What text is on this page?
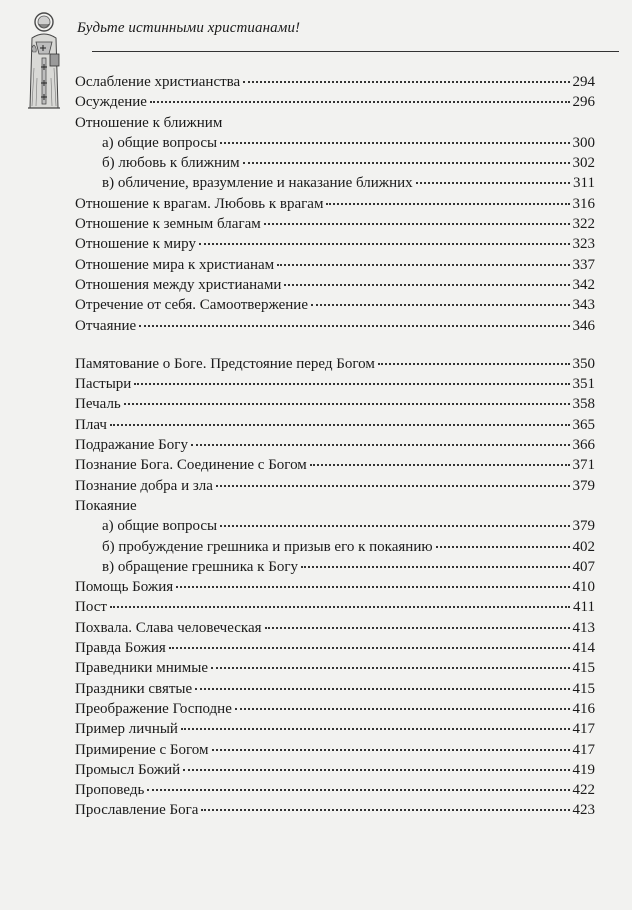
Будьте истинными христианами!
Ослабление христианства	294
Осуждение	296
Отношение к ближним
а) общие вопросы	300
б) любовь к ближним	302
в) обличение, вразумление и наказание ближних	311
Отношение к врагам. Любовь к врагам	316
Отношение к земным благам	322
Отношение к миру	323
Отношение мира к христианам	337
Отношения между христианами	342
Отречение от себя. Самоотвержение	343
Отчаяние	346
Памятование о Боге. Предстояние перед Богом	350
Пастыри	351
Печаль	358
Плач	365
Подражание Богу	366
Познание Бога. Соединение с Богом	371
Познание добра и зла	379
Покаяние
а) общие вопросы	379
б) пробуждение грешника и призыв его к покаянию	402
в) обращение грешника к Богу	407
Помощь Божия	410
Пост	411
Похвала. Слава человеческая	413
Правда Божия	414
Праведники мнимые	415
Праздники святые	415
Преображение Господне	416
Пример личный	417
Примирение с Богом	417
Промысл Божий	419
Проповедь	422
Прославление Бога	423
